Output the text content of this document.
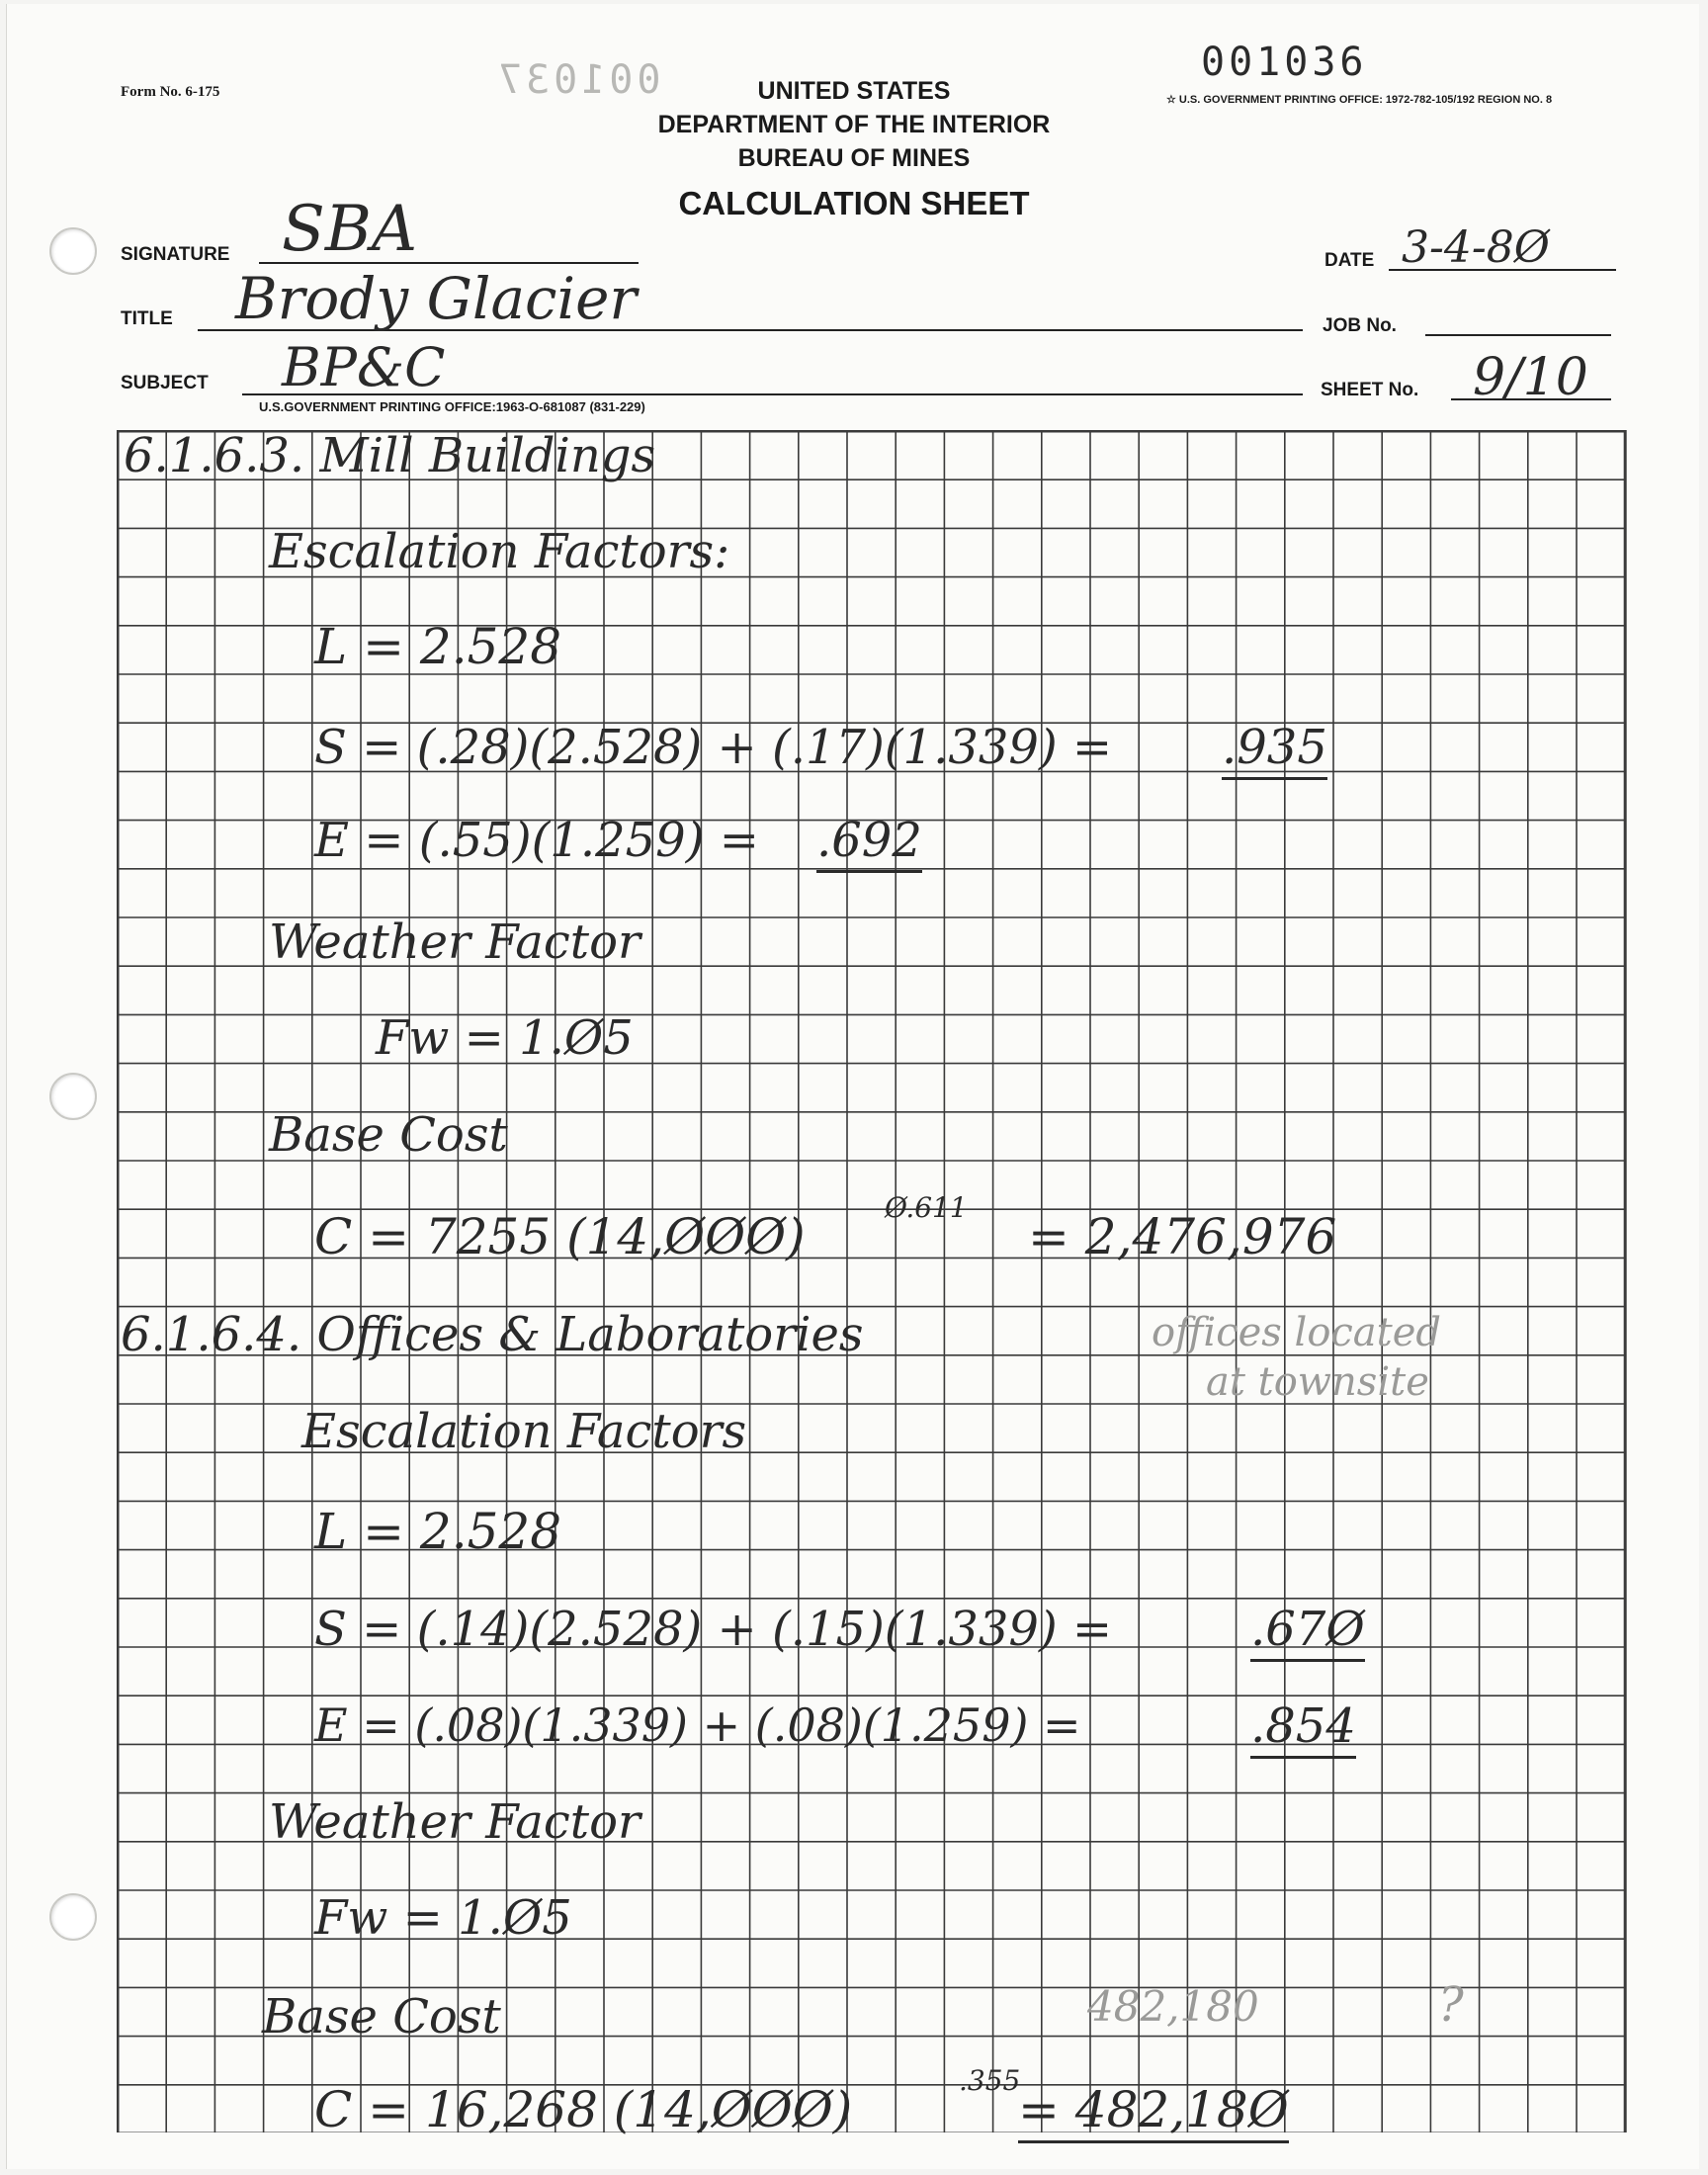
Form No. 6-175	☆ U.S. GOVERNMENT PRINTING OFFICE: 1972-782-105/192 REGION NO. 8
001037	001036
UNITED STATES
DEPARTMENT OF THE INTERIOR
BUREAU OF MINES
CALCULATION SHEET
SIGNATURE SBA
TITLE Brody Glacier
SUBJECT BP&C
U.S.GOVERNMENT PRINTING OFFICE:1963-O-681087 (831-229)
DATE 3-4-8Ø
JOB No.
SHEET No. 9/10
6.1.6.3. Mill Buildings
Escalation Factors:
L = 2.528
S = (.28)(2.528) + (.17)(1.339) = .935
E = (.55)(1.259) = .692
Weather Factor
Fw = 1.Ø5
Base Cost
C = 7255 (14,ØØØ)
Ø.611
= 2,476,976
6.1.6.4. Offices & Laboratories	offices located
at townsite
Escalation Factors
L = 2.528
S = (.14)(2.528) + (.15)(1.339) =	.67Ø
E = (.08)(1.339) + (.08)(1.259) =	.854
Weather Factor
Fw = 1.Ø5
Base Cost	482,180	?
C = 16,268 (14,ØØØ)
.355
= 482,18Ø
